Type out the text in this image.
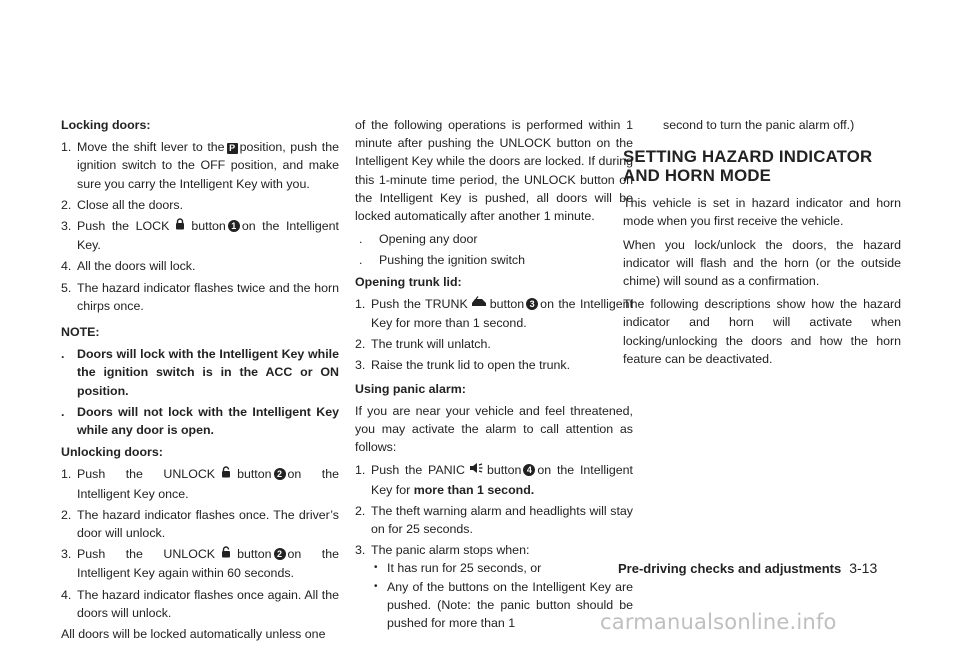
Locking doors:
1. Move the shift lever to the P position, push the ignition switch to the OFF position, and make sure you carry the Intelligent Key with you.
2. Close all the doors.
3. Push the LOCK button 1 on the Intelligent Key.
4. All the doors will lock.
5. The hazard indicator flashes twice and the horn chirps once.
NOTE:
.	Doors will lock with the Intelligent Key while the ignition switch is in the ACC or ON position.
.	Doors will not lock with the Intelligent Key while any door is open.
Unlocking doors:
1. Push the UNLOCK button 2 on the Intelligent Key once.
2. The hazard indicator flashes once. The driver’s door will unlock.
3. Push the UNLOCK button 2 on the Intelligent Key again within 60 seconds.
4. The hazard indicator flashes once again. All the doors will unlock.

All doors will be locked automatically unless one

of the following operations is performed within 1 minute after pushing the UNLOCK button on the Intelligent Key while the doors are locked. If during this 1-minute time period, the UNLOCK button on the Intelligent Key is pushed, all doors will be locked automatically after another 1 minute.

.	Opening any door
.	Pushing the ignition switch
Opening trunk lid:
1. Push the TRUNK button 3 on the Intelligent Key for more than 1 second.
2. The trunk will unlatch.
3. Raise the trunk lid to open the trunk.
Using panic alarm:

If you are near your vehicle and feel threatened, you may activate the alarm to call attention as follows:

1. Push the PANIC button 4 on the Intelligent Key for more than 1 second.
2. The theft warning alarm and headlights will stay on for 25 seconds.
3. The panic alarm stops when:
• It has run for 25 seconds, or
• Any of the buttons on the Intelligent Key are pushed. (Note: the panic button should be pushed for more than 1

second to turn the panic alarm off.)

SETTING HAZARD INDICATOR AND HORN MODE

This vehicle is set in hazard indicator and horn mode when you first receive the vehicle.

When you lock/unlock the doors, the hazard indicator will flash and the horn (or the outside chime) will sound as a confirmation.

The following descriptions show how the hazard indicator and horn will activate when locking/unlocking the doors and how the horn feature can be deactivated.

Pre-driving checks and adjustments 3-13
carmanualsonline.info
